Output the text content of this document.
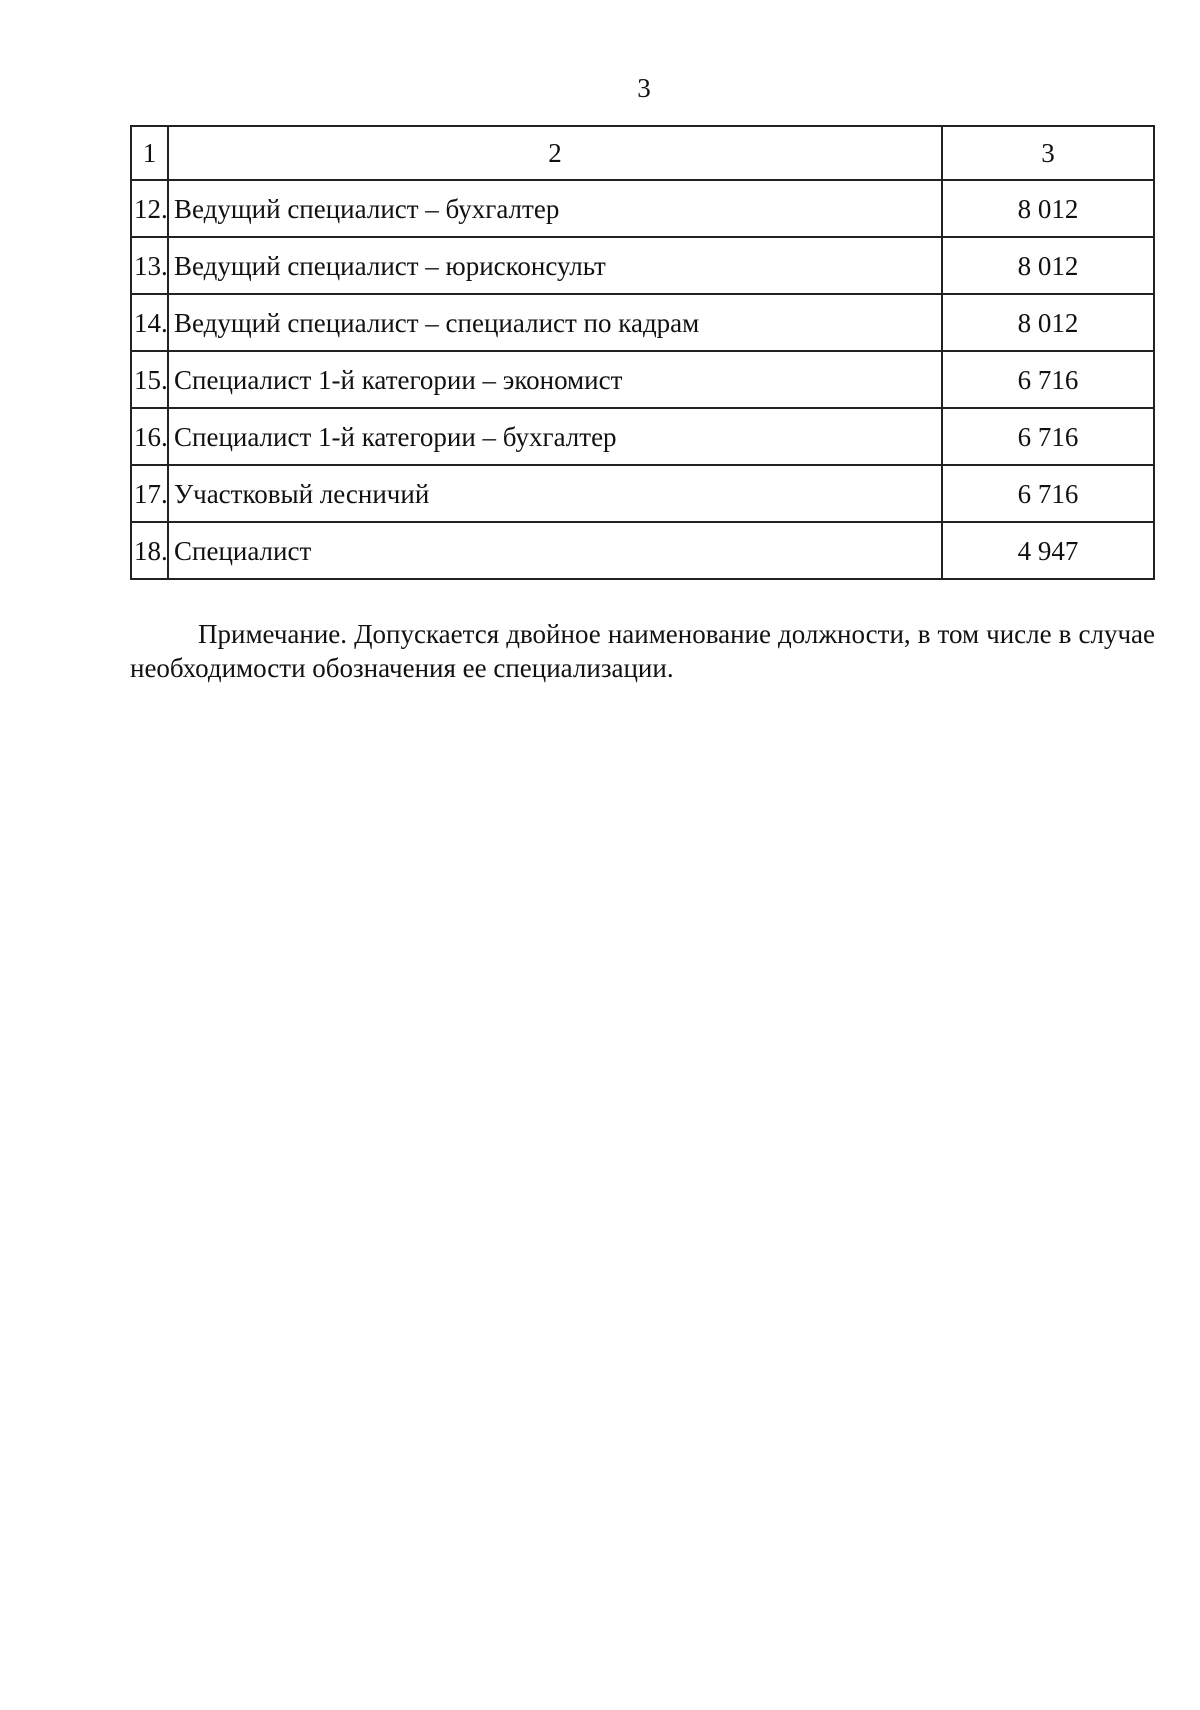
3
1	2	3
12.	Ведущий специалист – бухгалтер	8 012
13.	Ведущий специалист – юрисконсульт	8 012
14.	Ведущий специалист – специалист по кадрам	8 012
15.	Специалист 1-й категории – экономист	6 716
16.	Специалист 1-й категории – бухгалтер	6 716
17.	Участковый лесничий	6 716
18.	Специалист	4 947

Примечание. Допускается двойное наименование должности, в том числе в случае необходимости обозначения ее специализации.
